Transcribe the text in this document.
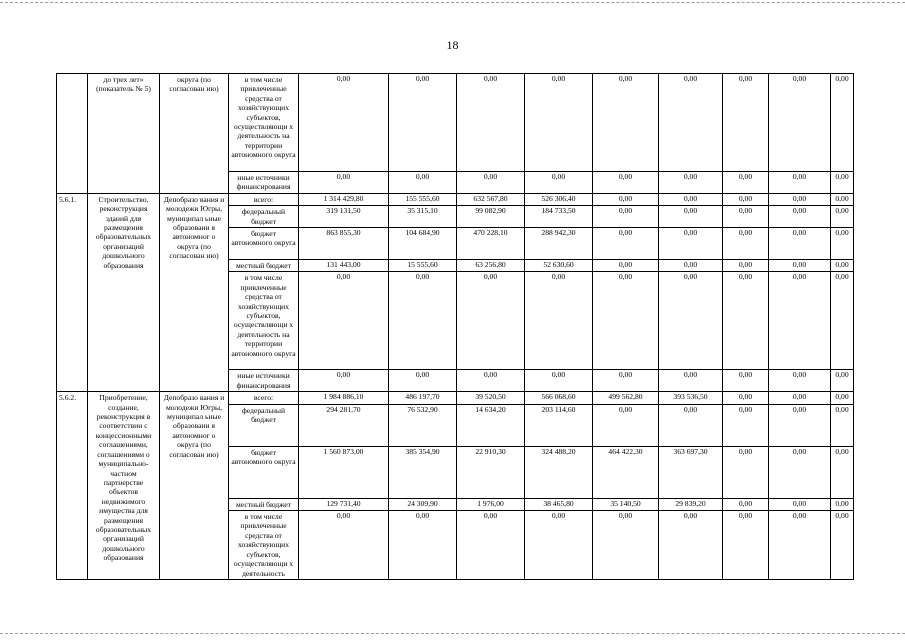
18
	до трех лет» (показатель № 5)	округа (по согласован ию)	в том числе привлеченные средства от хозяйствующих субъектов, осуществляющи х деятельность на территории автономного округа	0,00	0,00	0,00	0,00	0,00	0,00	0,00	0,00	0,00
			иные источники финансирования	0,00	0,00	0,00	0,00	0,00	0,00	0,00	0,00	0,00
5.6.1.	Строительство, реконструкция зданий для размещения образовательных организаций дошкольного образования	Депобразо вания и молодежи Югры, муниципал ьные образовани я автономног о округа (по согласован ию)	всего:	1 314 429,80	155 555,60	632 567,80	526 306,40	0,00	0,00	0,00	0,00	0,00
			федеральный бюджет	319 131,50	35 315,10	99 082,90	184 733,50	0,00	0,00	0,00	0,00	0,00
			бюджет автономного округа	863 855,30	104 684,90	470 228,10	288 942,30	0,00	0,00	0,00	0,00	0,00
			местный бюджет	131 443,00	15 555,60	63 256,80	52 630,60	0,00	0,00	0,00	0,00	0,00
			в том числе привлеченные средства от хозяйствующих субъектов, осуществляющи х деятельность на территории автономного округа	0,00	0,00	0,00	0,00	0,00	0,00	0,00	0,00	0,00
			иные источники финансирования	0,00	0,00	0,00	0,00	0,00	0,00	0,00	0,00	0,00
5.6.2.	Приобретение, создание, реконструкция в соответствии с концессионными соглашениями, соглашениями о муниципально-частном партнерстве объектов недвижимого имущества для размещения образовательных организаций дошкольного образования	Депобразо вания и молодежи Югры, муниципал ьные образовани я автономног о округа (по согласован ию)	всего:	1 984 886,10	486 197,70	39 520,50	566 068,60	499 562,80	393 536,50	0,00	0,00	0,00
			федеральный бюджет	294 281,70	76 532,90	14 634,20	203 114,60	0,00	0,00	0,00	0,00	0,00
			бюджет автономного округа	1 560 873,00	385 354,90	22 910,30	324 488,20	464 422,30	363 697,30	0,00	0,00	0,00
			местный бюджет	129 731,40	24 309,90	1 976,00	38 465,80	35 140,50	29 839,20	0,00	0,00	0,00
			в том числе привлеченные средства от хозяйствующих субъектов, осуществляющи х деятельность	0,00	0,00	0,00	0,00	0,00	0,00	0,00	0,00	0,00
